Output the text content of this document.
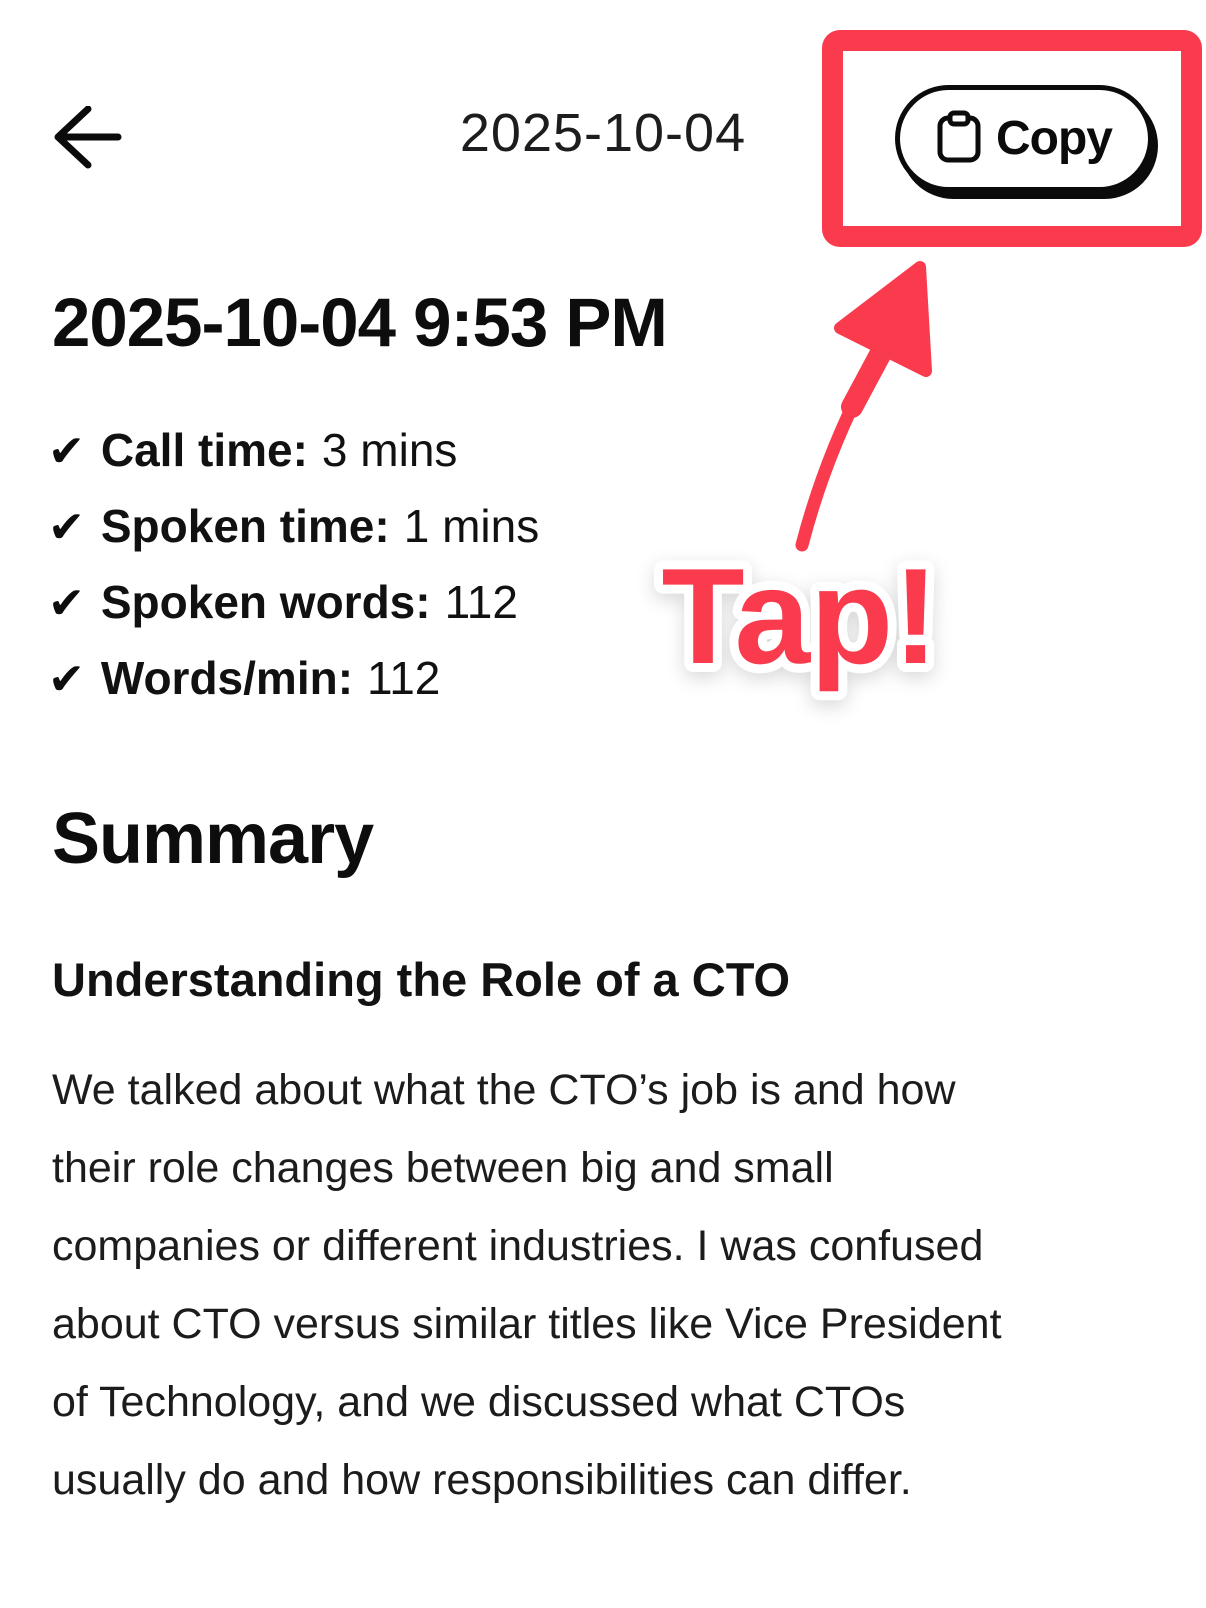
2025-10-04	Copy
Tap!
2025-10-04 9:53 PM
✔ Call time: 3 mins
✔ Spoken time: 1 mins
✔ Spoken words: 112
✔ Words/min: 112
Summary
Understanding the Role of a CTO
We talked about what the CTO’s job is and how
their role changes between big and small
companies or different industries. I was confused
about CTO versus similar titles like Vice President
of Technology, and we discussed what CTOs
usually do and how responsibilities can differ.
